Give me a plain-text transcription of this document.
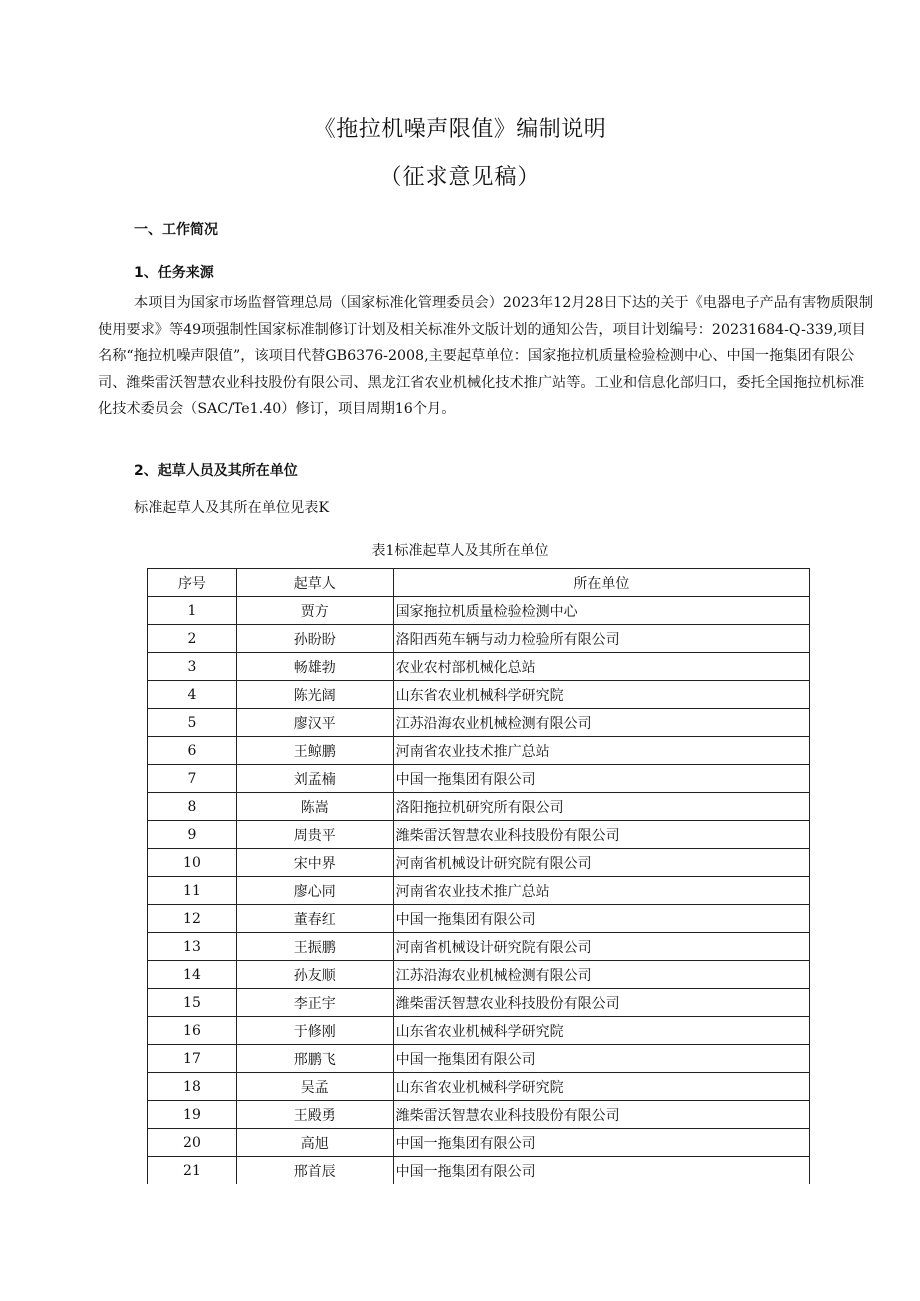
《拖拉机噪声限值》编制说明
（征求意见稿）
一、工作简况
1、任务来源

本项目为国家市场监督管理总局（国家标准化管理委员会）2023年12月28日下达的关于《电器电子产品有害物质限制使用要求》等49项强制性国家标准制修订计划及相关标准外文版计划的通知公告，项目计划编号：20231684-Q-339,项目名称“拖拉机噪声限值”，该项目代替GB6376-2008,主要起草单位：国家拖拉机质量检验检测中心、中国一拖集团有限公司、潍柴雷沃智慧农业科技股份有限公司、黑龙江省农业机械化技术推广站等。工业和信息化部归口，委托全国拖拉机标准化技术委员会（SAC/Te1.40）修订，项目周期16个月。

2、起草人员及其所在单位
标准起草人及其所在单位见表K
表1标准起草人及其所在单位
序号	起草人	所在单位
1	贾方	国家拖拉机质量检验检测中心
2	孙盼盼	洛阳西苑车辆与动力检验所有限公司
3	畅雄勃	农业农村部机械化总站
4	陈光阔	山东省农业机械科学研究院
5	廖汉平	江苏沿海农业机械检测有限公司
6	王鲸鹏	河南省农业技术推广总站
7	刘孟楠	中国一拖集团有限公司
8	陈嵩	洛阳拖拉机研究所有限公司
9	周贵平	潍柴雷沃智慧农业科技股份有限公司
10	宋中界	河南省机械设计研究院有限公司
11	廖心同	河南省农业技术推广总站
12	董春红	中国一拖集团有限公司
13	王振鹏	河南省机械设计研究院有限公司
14	孙友顺	江苏沿海农业机械检测有限公司
15	李正宇	潍柴雷沃智慧农业科技股份有限公司
16	于修刚	山东省农业机械科学研究院
17	邢鹏飞	中国一拖集团有限公司
18	吴孟	山东省农业机械科学研究院
19	王殿勇	潍柴雷沃智慧农业科技股份有限公司
20	高旭	中国一拖集团有限公司
21	邢首辰	中国一拖集团有限公司
